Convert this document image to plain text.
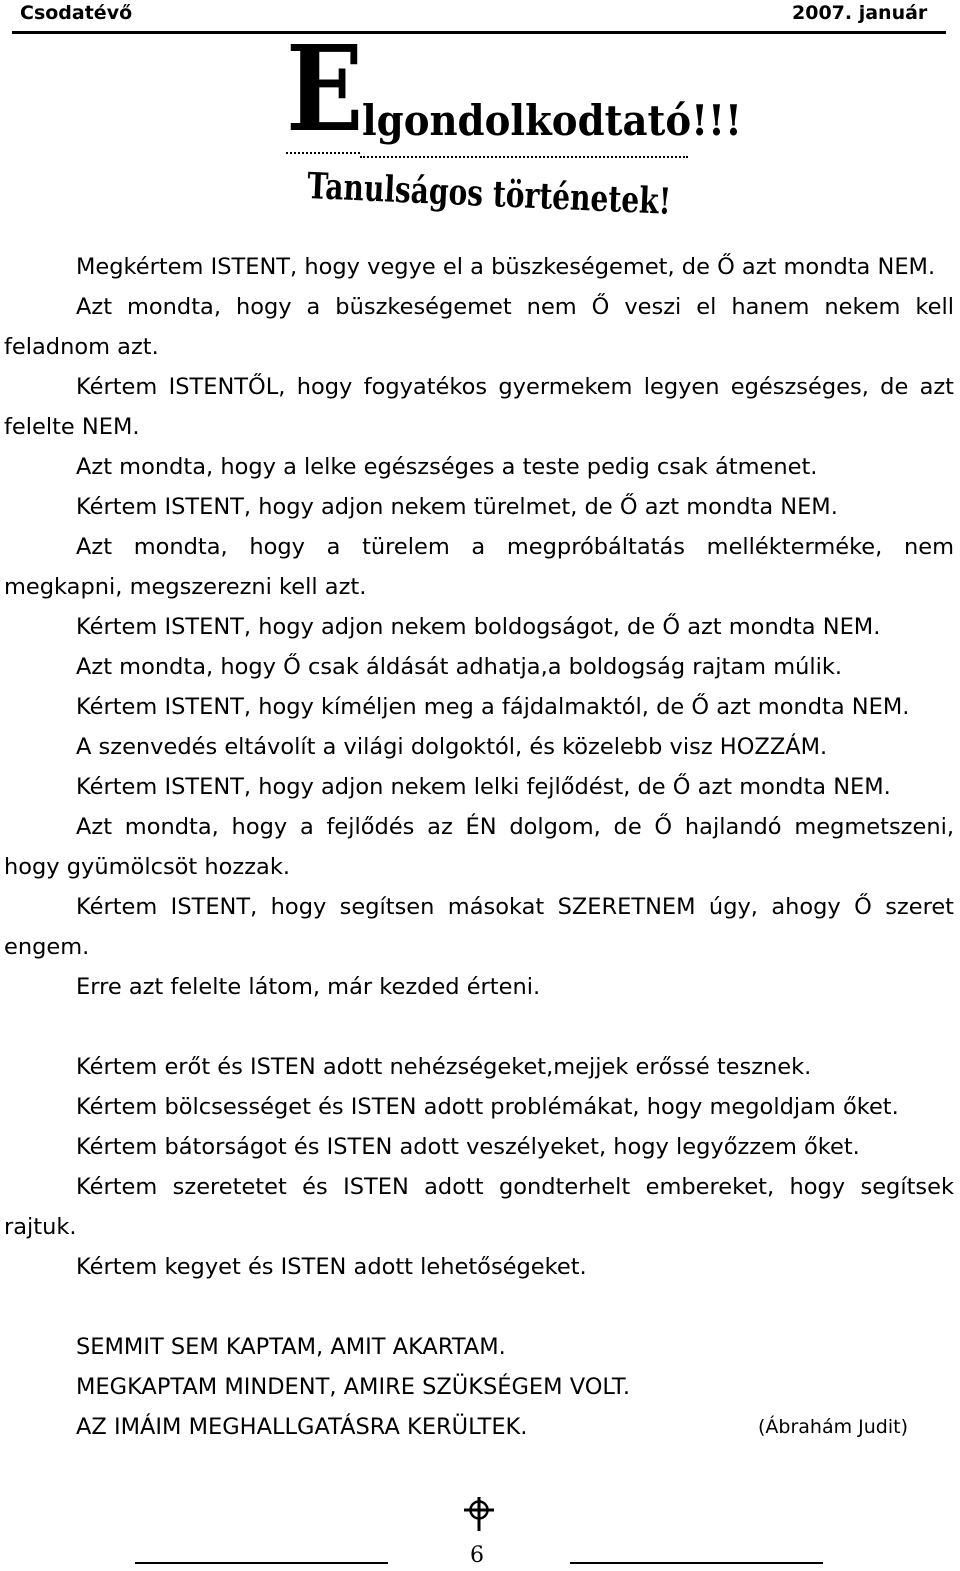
Csodatévő	2007. január
E
lgondolkodtató!!!
Tanulságos történetek!

Megkértem ISTENT, hogy vegye el a büszkeségemet, de Ő azt mondta NEM.

Azt mondta, hogy a büszkeségemet nem Ő veszi el hanem nekem kell feladnom azt.

Kértem ISTENTŐL, hogy fogyatékos gyermekem legyen egészséges, de azt felelte NEM.

Azt mondta, hogy a lelke egészséges a teste pedig csak átmenet.

Kértem ISTENT, hogy adjon nekem türelmet, de Ő azt mondta NEM.

Azt mondta, hogy a türelem a megpróbáltatás mellékterméke, nem megkapni, megszerezni kell azt.

Kértem ISTENT, hogy adjon nekem boldogságot, de Ő azt mondta NEM.

Azt mondta, hogy Ő csak áldását adhatja,a boldogság rajtam múlik.

Kértem ISTENT, hogy kíméljen meg a fájdalmaktól, de Ő azt mondta NEM.

A szenvedés eltávolít a világi dolgoktól, és közelebb visz HOZZÁM.

Kértem ISTENT, hogy adjon nekem lelki fejlődést, de Ő azt mondta NEM.

Azt mondta, hogy a fejlődés az ÉN dolgom, de Ő hajlandó megmetszeni, hogy gyümölcsöt hozzak.

Kértem ISTENT, hogy segítsen másokat SZERETNEM úgy, ahogy Ő szeret engem.

Erre azt felelte látom, már kezded érteni.

Kértem erőt és ISTEN adott nehézségeket,mejjek erőssé tesznek.

Kértem bölcsességet és ISTEN adott problémákat, hogy megoldjam őket.

Kértem bátorságot és ISTEN adott veszélyeket, hogy legyőzzem őket.

Kértem szeretetet és ISTEN adott gondterhelt embereket, hogy segítsek rajtuk.

Kértem kegyet és ISTEN adott lehetőségeket.

SEMMIT SEM KAPTAM, AMIT AKARTAM.

MEGKAPTAM MINDENT, AMIRE SZÜKSÉGEM VOLT.

AZ IMÁIM MEGHALLGATÁSRA KERÜLTEK.	(Ábrahám Judit)
6
